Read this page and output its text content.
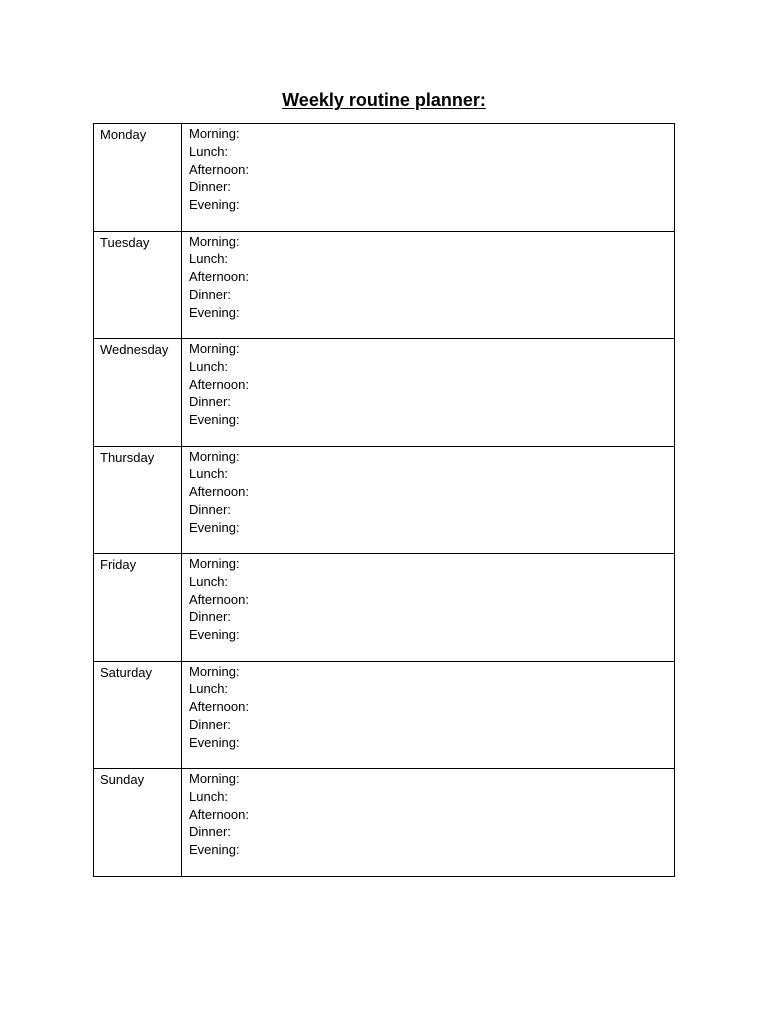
Weekly routine planner:
Monday	Morning:
Lunch:
Afternoon:
Dinner:
Evening:

Tuesday	Morning:
Lunch:
Afternoon:
Dinner:
Evening:

Wednesday	Morning:
Lunch:
Afternoon:
Dinner:
Evening:

Thursday	Morning:
Lunch:
Afternoon:
Dinner:
Evening:

Friday	Morning:
Lunch:
Afternoon:
Dinner:
Evening:

Saturday	Morning:
Lunch:
Afternoon:
Dinner:
Evening:

Sunday	Morning:
Lunch:
Afternoon:
Dinner:
Evening:
